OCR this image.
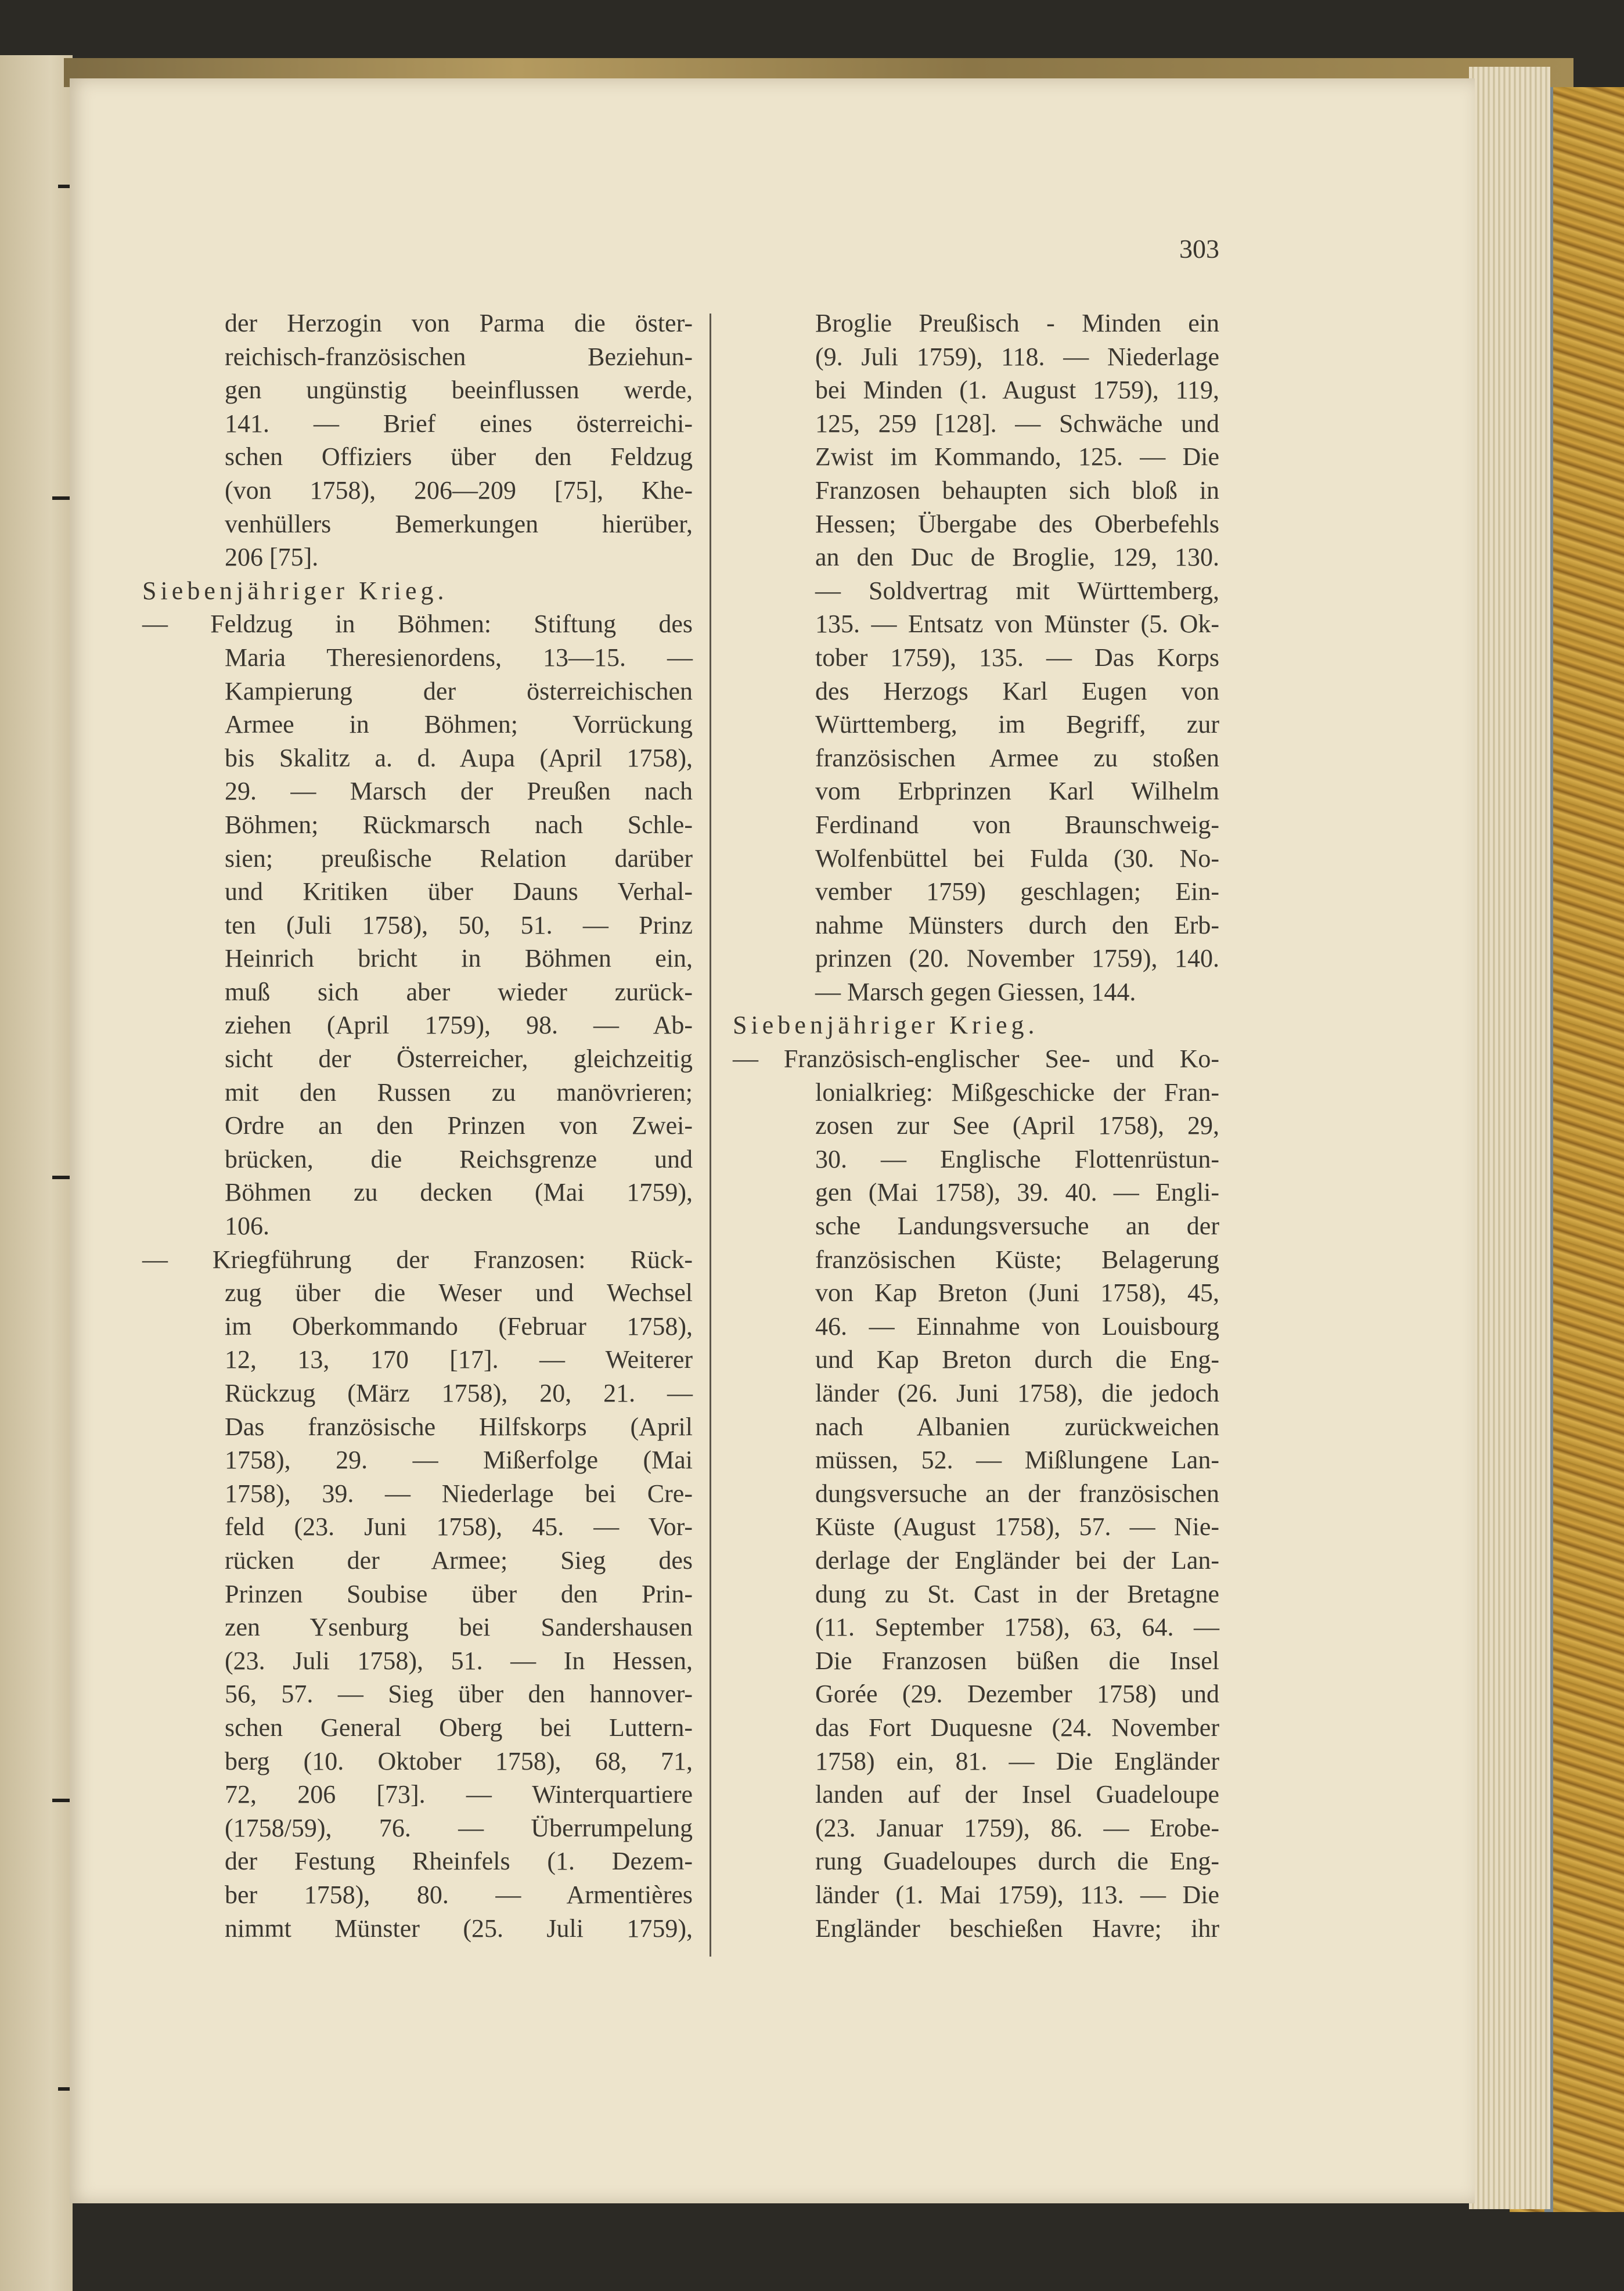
303
der Herzogin von Parma die öster-
reichisch-französischen Beziehun-
gen ungünstig beeinflussen werde,
141. — Brief eines österreichi-
schen Offiziers über den Feldzug
(von 1758), 206—209 [75], Khe-
venhüllers Bemerkungen hierüber,
206 [75].
Siebenjähriger Krieg.
— Feldzug in Böhmen: Stiftung des
Maria Theresienordens, 13—15. —
Kampierung der österreichischen
Armee in Böhmen; Vorrückung
bis Skalitz a. d. Aupa (April 1758),
29. — Marsch der Preußen nach
Böhmen; Rückmarsch nach Schle-
sien; preußische Relation darüber
und Kritiken über Dauns Verhal-
ten (Juli 1758), 50, 51. — Prinz
Heinrich bricht in Böhmen ein,
muß sich aber wieder zurück-
ziehen (April 1759), 98. — Ab-
sicht der Österreicher, gleichzeitig
mit den Russen zu manövrieren;
Ordre an den Prinzen von Zwei-
brücken, die Reichsgrenze und
Böhmen zu decken (Mai 1759),
106.
— Kriegführung der Franzosen: Rück-
zug über die Weser und Wechsel
im Oberkommando (Februar 1758),
12, 13, 170 [17]. — Weiterer
Rückzug (März 1758), 20, 21. —
Das französische Hilfskorps (April
1758), 29. — Mißerfolge (Mai
1758), 39. — Niederlage bei Cre-
feld (23. Juni 1758), 45. — Vor-
rücken der Armee; Sieg des
Prinzen Soubise über den Prin-
zen Ysenburg bei Sandershausen
(23. Juli 1758), 51. — In Hessen,
56, 57. — Sieg über den hannover-
schen General Oberg bei Luttern-
berg (10. Oktober 1758), 68, 71,
72, 206 [73]. — Winterquartiere
(1758/59), 76. — Überrumpelung
der Festung Rheinfels (1. Dezem-
ber 1758), 80. — Armentières
nimmt Münster (25. Juli 1759),
Broglie Preußisch - Minden ein
(9. Juli 1759), 118. — Niederlage
bei Minden (1. August 1759), 119,
125, 259 [128]. — Schwäche und
Zwist im Kommando, 125. — Die
Franzosen behaupten sich bloß in
Hessen; Übergabe des Oberbefehls
an den Duc de Broglie, 129, 130.
— Soldvertrag mit Württemberg,
135. — Entsatz von Münster (5. Ok-
tober 1759), 135. — Das Korps
des Herzogs Karl Eugen von
Württemberg, im Begriff, zur
französischen Armee zu stoßen
vom Erbprinzen Karl Wilhelm
Ferdinand von Braunschweig-
Wolfenbüttel bei Fulda (30. No-
vember 1759) geschlagen; Ein-
nahme Münsters durch den Erb-
prinzen (20. November 1759), 140.
— Marsch gegen Giessen, 144.
Siebenjähriger Krieg.
— Französisch-englischer See- und Ko-
lonialkrieg: Mißgeschicke der Fran-
zosen zur See (April 1758), 29,
30. — Englische Flottenrüstun-
gen (Mai 1758), 39. 40. — Engli-
sche Landungsversuche an der
französischen Küste; Belagerung
von Kap Breton (Juni 1758), 45,
46. — Einnahme von Louisbourg
und Kap Breton durch die Eng-
länder (26. Juni 1758), die jedoch
nach Albanien zurückweichen
müssen, 52. — Mißlungene Lan-
dungsversuche an der französischen
Küste (August 1758), 57. — Nie-
derlage der Engländer bei der Lan-
dung zu St. Cast in der Bretagne
(11. September 1758), 63, 64. —
Die Franzosen büßen die Insel
Gorée (29. Dezember 1758) und
das Fort Duquesne (24. November
1758) ein, 81. — Die Engländer
landen auf der Insel Guadeloupe
(23. Januar 1759), 86. — Erobe-
rung Guadeloupes durch die Eng-
länder (1. Mai 1759), 113. — Die
Engländer beschießen Havre; ihr
